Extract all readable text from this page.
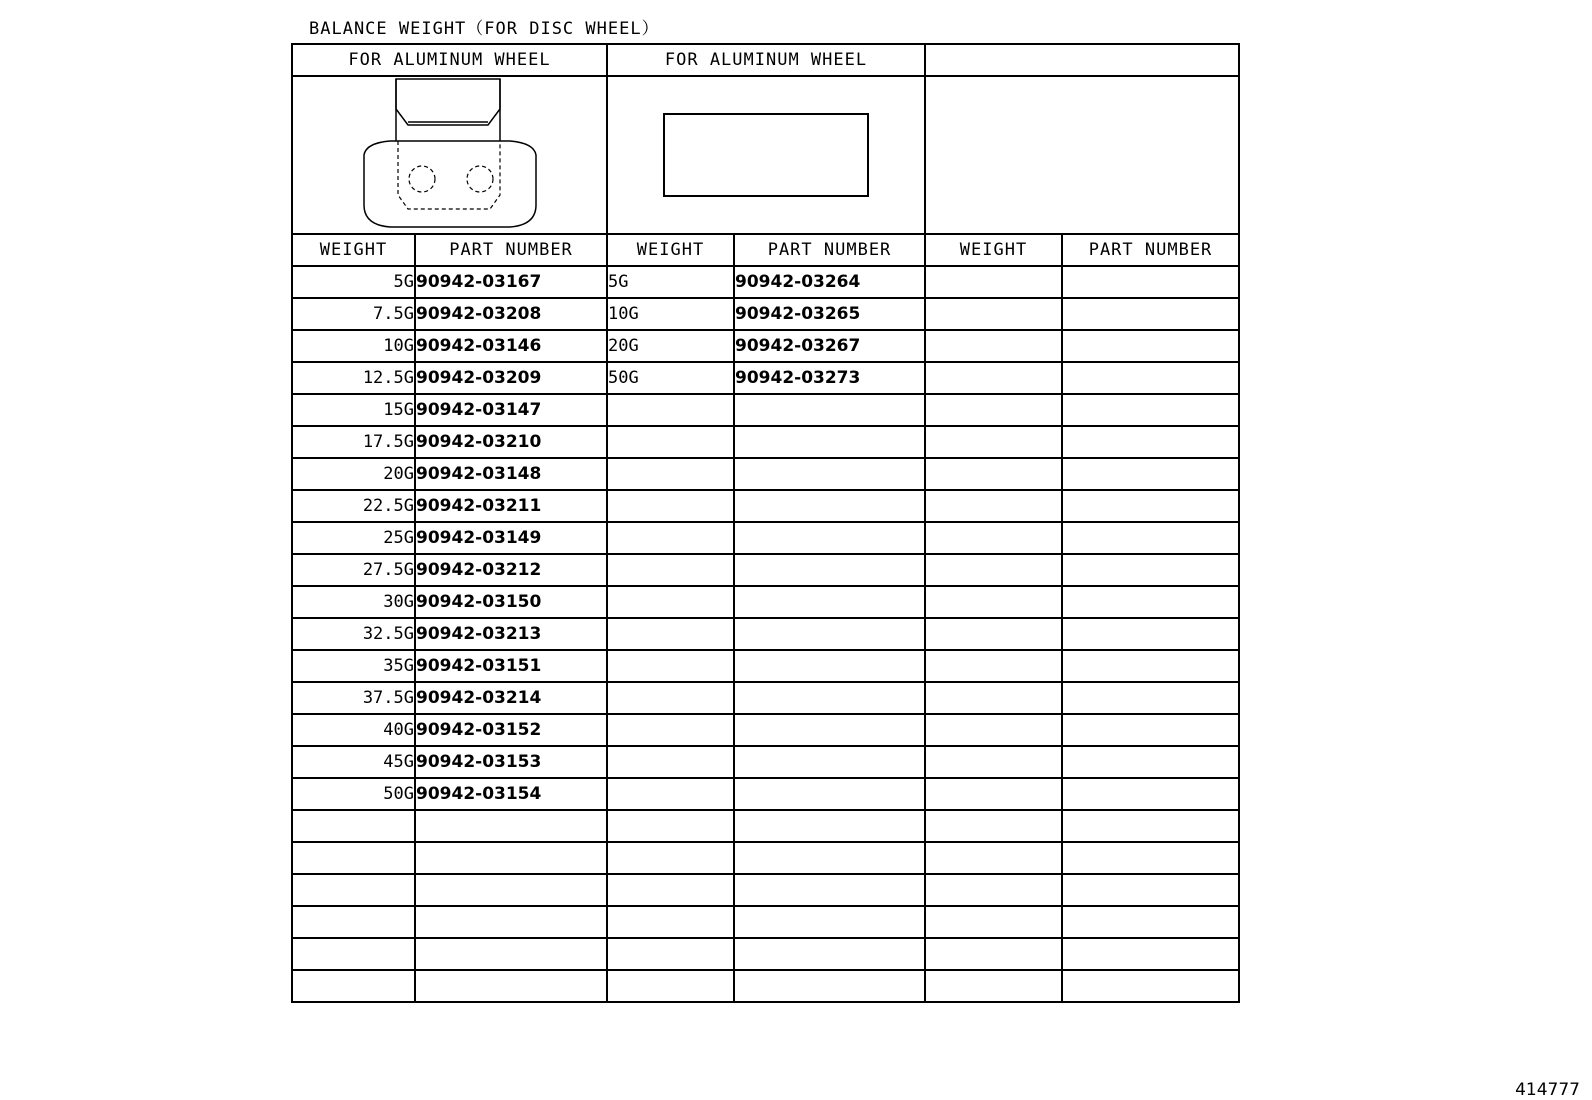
BALANCE WEIGHT（FOR DISC WHEEL）
FOR ALUMINUM WHEEL		FOR ALUMINUM WHEEL			

WEIGHT	PART NUMBER	WEIGHT	PART NUMBER	WEIGHT	PART NUMBER
5G	90942-03167	5G	90942-03264		
7.5G	90942-03208	10G	90942-03265		
10G	90942-03146	20G	90942-03267		
12.5G	90942-03209	50G	90942-03273		
15G	90942-03147				
17.5G	90942-03210				
20G	90942-03148				
22.5G	90942-03211				
25G	90942-03149				
27.5G	90942-03212				
30G	90942-03150				
32.5G	90942-03213				
35G	90942-03151				
37.5G	90942-03214				
40G	90942-03152				
45G	90942-03153				
50G	90942-03154				

414777
